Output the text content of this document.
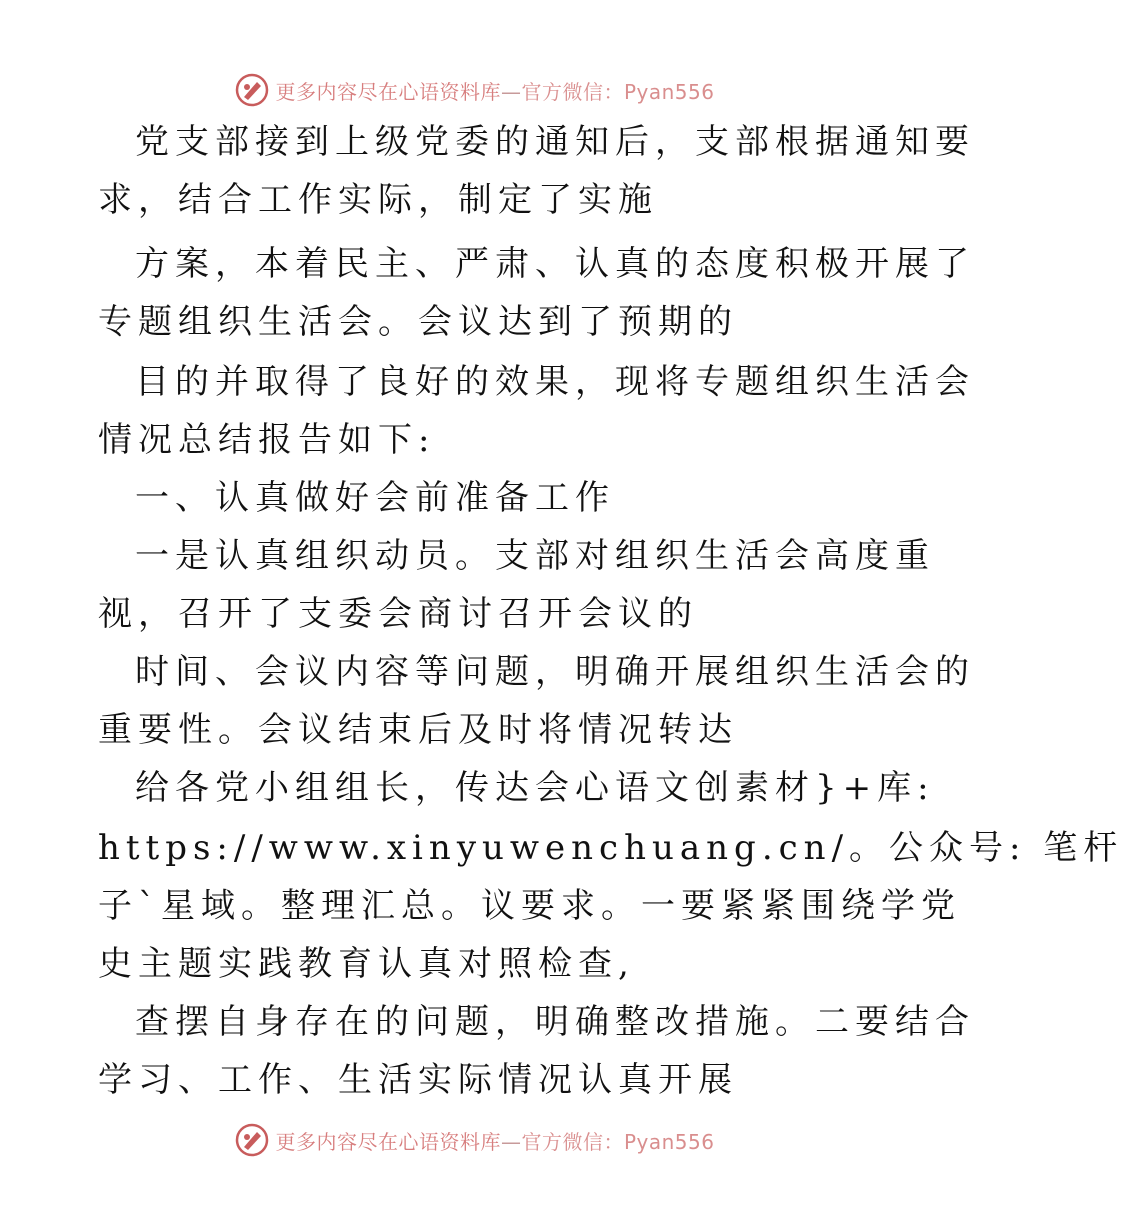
更多内容尽在心语资料库—官方微信：Pyan556
党支部接到上级党委的通知后，支部根据通知要
求，结合工作实际，制定了实施
方案，本着民主、严肃、认真的态度积极开展了
专题组织生活会。会议达到了预期的
目的并取得了良好的效果，现将专题组织生活会
情况总结报告如下:
一、认真做好会前准备工作
一是认真组织动员。支部对组织生活会高度重
视，召开了支委会商讨召开会议的
时间、会议内容等问题，明确开展组织生活会的
重要性。会议结束后及时将情况转达
给各党小组组长，传达会心语文创素材}+库:
https://www.xinyuwenchuang.cn/。公众号: 笔杆
子`星域。整理汇总。议要求。一要紧紧围绕学党
史主题实践教育认真对照检查,
查摆自身存在的问题，明确整改措施。二要结合
学习、工作、生活实际情况认真开展
更多内容尽在心语资料库—官方微信：Pyan556
